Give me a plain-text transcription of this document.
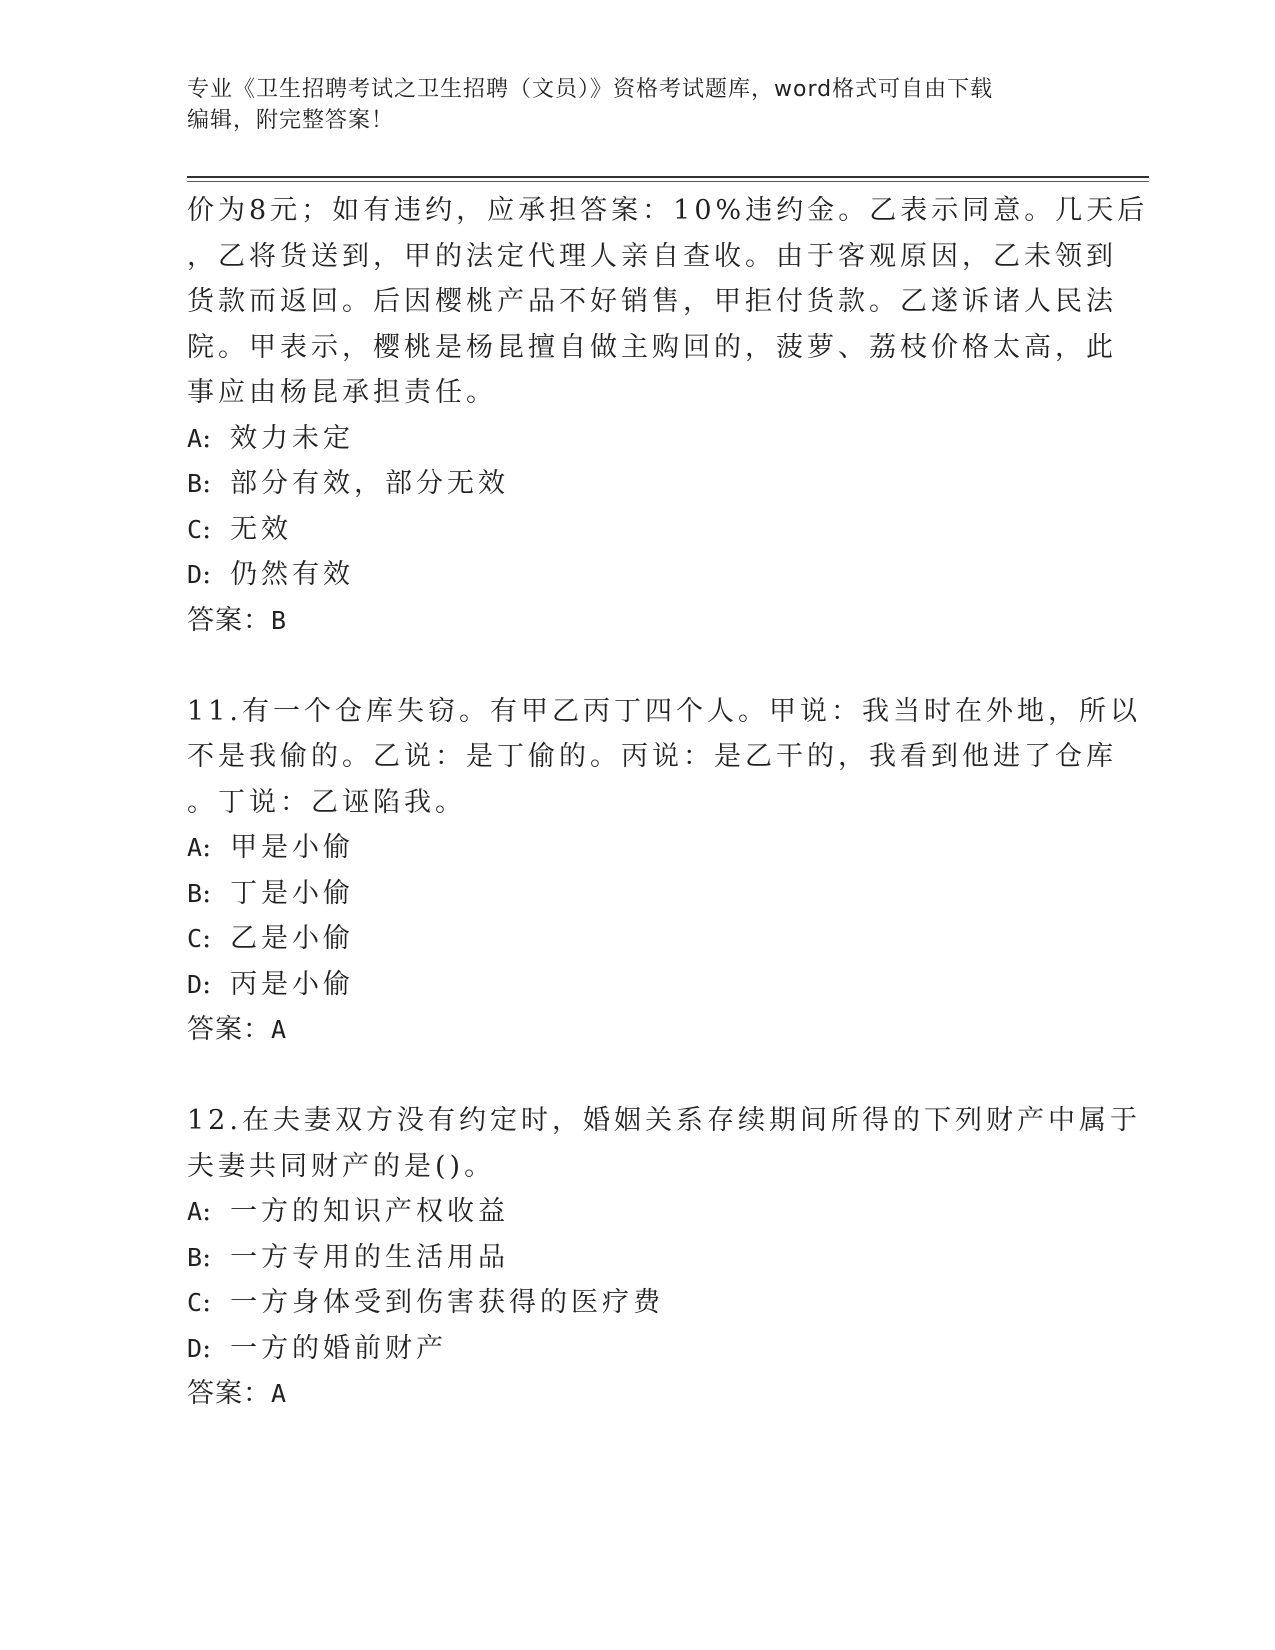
专业《卫生招聘考试之卫生招聘（文员）》资格考试题库，word格式可自由下载
编辑，附完整答案！
价为8元；如有违约，应承担答案：10%违约金。乙表示同意。几天后
，乙将货送到，甲的法定代理人亲自查收。由于客观原因，乙未领到
货款而返回。后因樱桃产品不好销售，甲拒付货款。乙遂诉诸人民法
院。甲表示，樱桃是杨昆擅自做主购回的，菠萝、荔枝价格太高，此
事应由杨昆承担责任。
A: 效力未定
B: 部分有效，部分无效
C: 无效
D: 仍然有效
答案：B
11.有一个仓库失窃。有甲乙丙丁四个人。甲说：我当时在外地，所以
不是我偷的。乙说：是丁偷的。丙说：是乙干的，我看到他进了仓库
。丁说：乙诬陷我。
A: 甲是小偷
B: 丁是小偷
C: 乙是小偷
D: 丙是小偷
答案：A
12.在夫妻双方没有约定时，婚姻关系存续期间所得的下列财产中属于
夫妻共同财产的是()。
A: 一方的知识产权收益
B: 一方专用的生活用品
C: 一方身体受到伤害获得的医疗费
D: 一方的婚前财产
答案：A
